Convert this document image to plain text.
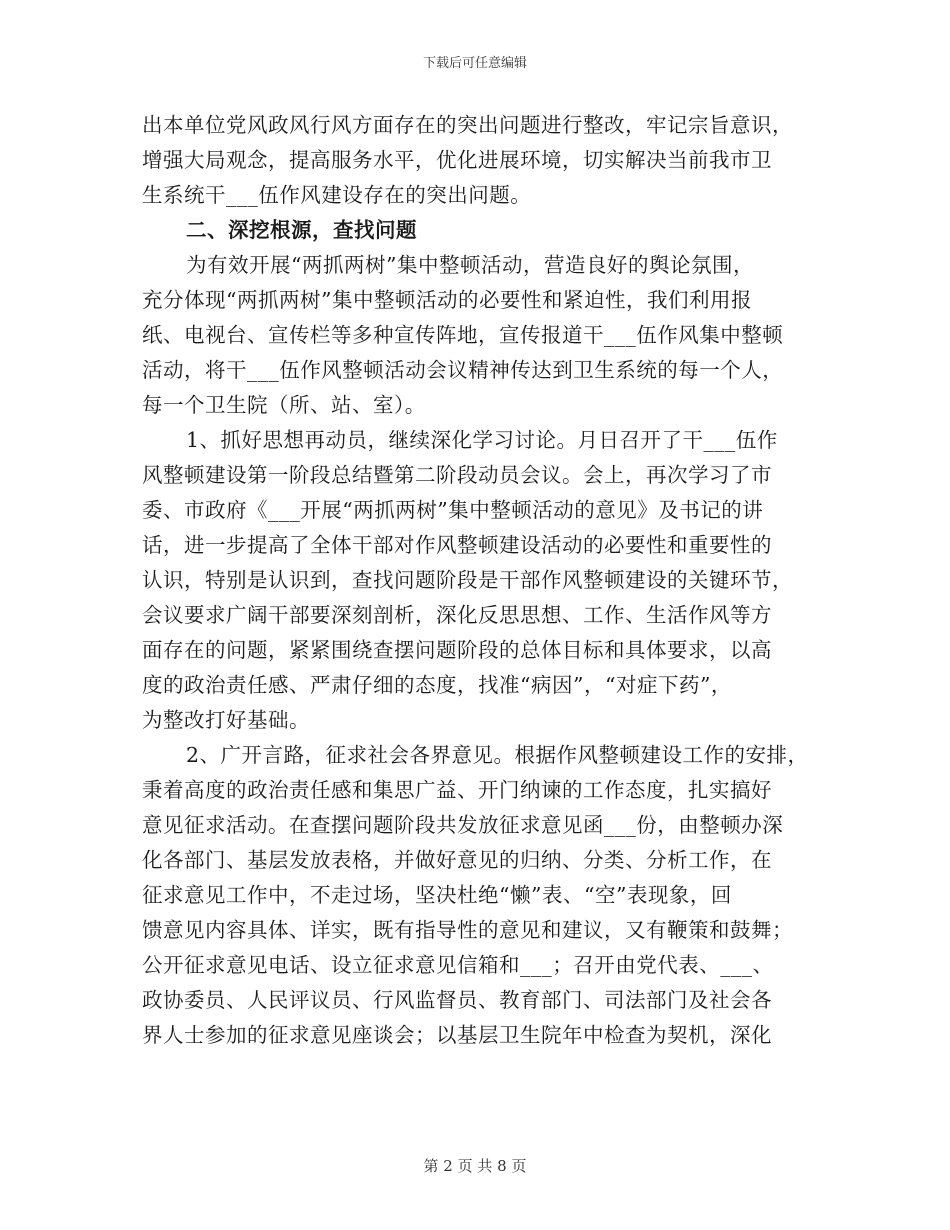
下载后可任意编辑
出本单位党风政风行风方面存在的突出问题进行整改，牢记宗旨意识，
增强大局观念，提高服务水平，优化进展环境，切实解决当前我市卫
生系统干___伍作风建设存在的突出问题。
二、深挖根源，查找问题
为有效开展“两抓两树”集中整顿活动，营造良好的舆论氛围，
充分体现“两抓两树”集中整顿活动的必要性和紧迫性，我们利用报
纸、电视台、宣传栏等多种宣传阵地，宣传报道干___伍作风集中整顿
活动，将干___伍作风整顿活动会议精神传达到卫生系统的每一个人，
每一个卫生院（所、站、室）。
1、抓好思想再动员，继续深化学习讨论。月日召开了干___伍作
风整顿建设第一阶段总结暨第二阶段动员会议。会上，再次学习了市
委、市政府《___开展“两抓两树”集中整顿活动的意见》及书记的讲
话，进一步提高了全体干部对作风整顿建设活动的必要性和重要性的
认识，特别是认识到，查找问题阶段是干部作风整顿建设的关键环节，
会议要求广阔干部要深刻剖析，深化反思思想、工作、生活作风等方
面存在的问题，紧紧围绕查摆问题阶段的总体目标和具体要求，以高
度的政治责任感、严肃仔细的态度，找准“病因”，“对症下药”，
为整改打好基础。
2、广开言路，征求社会各界意见。根据作风整顿建设工作的安排，
秉着高度的政治责任感和集思广益、开门纳谏的工作态度，扎实搞好
意见征求活动。在查摆问题阶段共发放征求意见函___份，由整顿办深
化各部门、基层发放表格，并做好意见的归纳、分类、分析工作，在
征求意见工作中，不走过场，坚决杜绝“懒”表、“空”表现象，回
馈意见内容具体、详实，既有指导性的意见和建议，又有鞭策和鼓舞；
公开征求意见电话、设立征求意见信箱和___；召开由党代表、___、
政协委员、人民评议员、行风监督员、教育部门、司法部门及社会各
界人士参加的征求意见座谈会；以基层卫生院年中检查为契机，深化
第 2 页 共 8 页
